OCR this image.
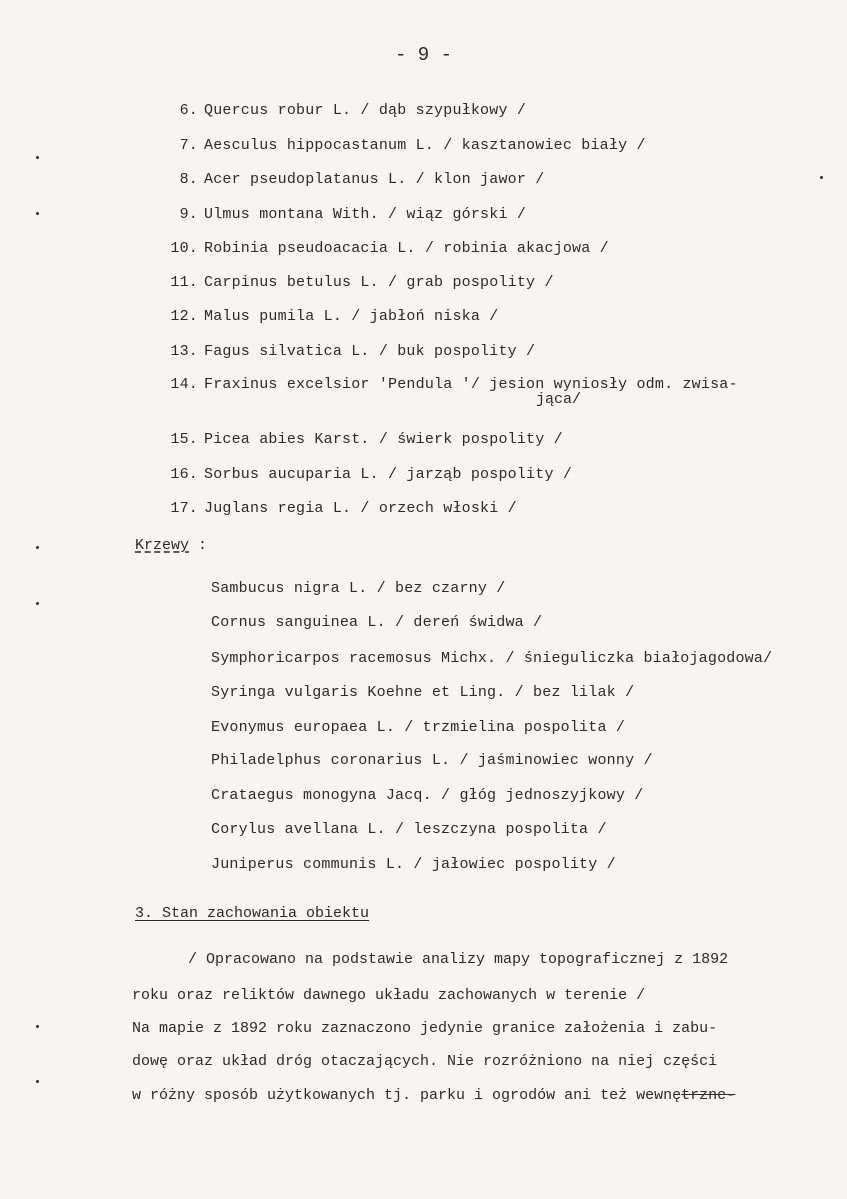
- 9 -
6. Quercus robur L. / dąb szypułkowy /
7. Aesculus hippocastanum L. / kasztanowiec biały /
8. Acer pseudoplatanus L. / klon jawor /
9. Ulmus montana With. / wiąz górski /
10. Robinia pseudoacacia L. / robinia akacjowa /
11. Carpinus betulus L. / grab pospolity /
12. Malus pumila L. / jabłoń niska /
13. Fagus silvatica L. / buk pospolity /
14. Fraxinus excelsior ′Pendula ′/ jesion wyniosły odm. zwisa-
15. Picea abies Karst. / świerk pospolity /
16. Sorbus aucuparia L. / jarząb pospolity /
17. Juglans regia L. / orzech włoski /
jąca/
Krzewy :
Sambucus nigra L. / bez czarny /
Cornus sanguinea L. / dereń świdwa /
Symphoricarpos racemosus Michx. / śnieguliczka białojagodowa/
Syringa vulgaris Koehne et Ling. / bez lilak /
Evonymus europaea L. / trzmielina pospolita /
Philadelphus coronarius L. / jaśminowiec wonny /
Crataegus monogyna Jacq. / głóg jednoszyjkowy /
Corylus avellana L. / leszczyna pospolita /
Juniperus communis L. / jałowiec pospolity /
3. Stan zachowania obiektu
/ Opracowano na podstawie analizy mapy topograficznej z 1892
roku oraz reliktów dawnego układu zachowanych w terenie /
Na mapie z 1892 roku zaznaczono jedynie granice założenia i zabu-
dowę oraz układ dróg otaczających. Nie rozróżniono na niej części
w różny sposób użytkowanych tj. parku i ogrodów ani też wewnętrzne-
